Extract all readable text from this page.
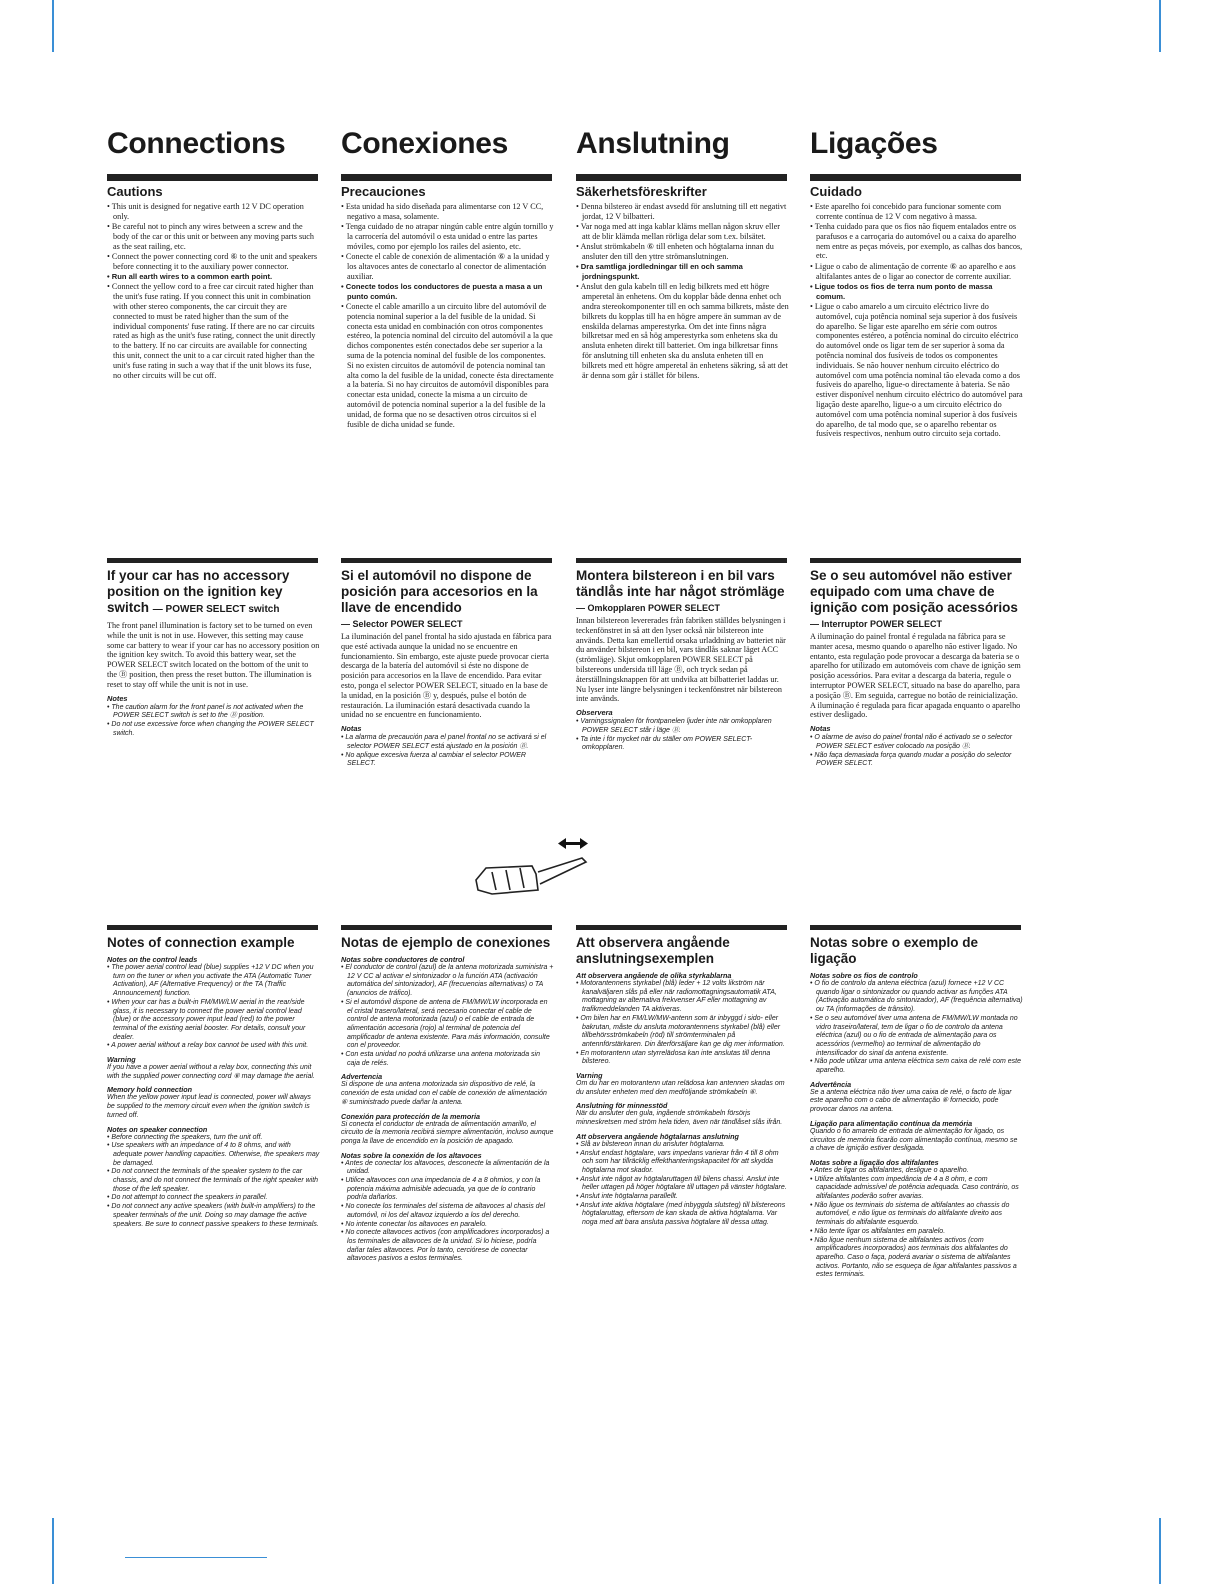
Connections
Cautions
• This unit is designed for negative earth 12 V DC operation only.
• Be careful not to pinch any wires between a screw and the body of the car or this unit or between any moving parts such as the seat railing, etc.
• Connect the power connecting cord ⑥ to the unit and speakers before connecting it to the auxiliary power connector.
• Run all earth wires to a common earth point.
• Connect the yellow cord to a free car circuit rated higher than the unit's fuse rating. If you connect this unit in combination with other stereo components, the car circuit they are connected to must be rated higher than the sum of the individual components' fuse rating. If there are no car circuits rated as high as the unit's fuse rating, connect the unit directly to the battery. If no car circuits are available for connecting this unit, connect the unit to a car circuit rated higher than the unit's fuse rating in such a way that if the unit blows its fuse, no other circuits will be cut off.
If your car has no accessory position on the ignition key switch — POWER SELECT switch

The front panel illumination is factory set to be turned on even while the unit is not in use. However, this setting may cause some car battery to wear if your car has no accessory position on the ignition key switch. To avoid this battery wear, set the POWER SELECT switch located on the bottom of the unit to the Ⓑ position, then press the reset button. The illumination is reset to stay off while the unit is not in use.

Notes
• The caution alarm for the front panel is not activated when the POWER SELECT switch is set to the Ⓑ position.
• Do not use excessive force when changing the POWER SELECT switch.
Notes of connection example
Notes on the control leads
• The power aerial control lead (blue) supplies +12 V DC when you turn on the tuner or when you activate the ATA (Automatic Tuner Activation), AF (Alternative Frequency) or the TA (Traffic Announcement) function.
• When your car has a built-in FM/MW/LW aerial in the rear/side glass, it is necessary to connect the power aerial control lead (blue) or the accessory power input lead (red) to the power terminal of the existing aerial booster. For details, consult your dealer.
• A power aerial without a relay box cannot be used with this unit.
Warning

If you have a power aerial without a relay box, connecting this unit with the supplied power connecting cord ⑥ may damage the aerial.

Memory hold connection

When the yellow power input lead is connected, power will always be supplied to the memory circuit even when the ignition switch is turned off.

Notes on speaker connection
• Before connecting the speakers, turn the unit off.
• Use speakers with an impedance of 4 to 8 ohms, and with adequate power handling capacities. Otherwise, the speakers may be damaged.
• Do not connect the terminals of the speaker system to the car chassis, and do not connect the terminals of the right speaker with those of the left speaker.
• Do not attempt to connect the speakers in parallel.
• Do not connect any active speakers (with built-in amplifiers) to the speaker terminals of the unit. Doing so may damage the active speakers. Be sure to connect passive speakers to these terminals.
Conexiones
Precauciones
• Esta unidad ha sido diseñada para alimentarse con 12 V CC, negativo a masa, solamente.
• Tenga cuidado de no atrapar ningún cable entre algún tornillo y la carrocería del automóvil o esta unidad o entre las partes móviles, como por ejemplo los railes del asiento, etc.
• Conecte el cable de conexión de alimentación ⑥ a la unidad y los altavoces antes de conectarlo al conector de alimentación auxiliar.
• Conecte todos los conductores de puesta a masa a un punto común.
• Conecte el cable amarillo a un circuito libre del automóvil de potencia nominal superior a la del fusible de la unidad. Si conecta esta unidad en combinación con otros componentes estéreo, la potencia nominal del circuito del automóvil a la que dichos componentes estén conectados debe ser superior a la suma de la potencia nominal del fusible de los componentes. Si no existen circuitos de automóvil de potencia nominal tan alta como la del fusible de la unidad, conecte ésta directamente a la batería. Si no hay circuitos de automóvil disponibles para conectar esta unidad, conecte la misma a un circuito de automóvil de potencia nominal superior a la del fusible de la unidad, de forma que no se desactiven otros circuitos si el fusible de dicha unidad se funde.
Si el automóvil no dispone de posición para accesorios en la llave de encendido
— Selector POWER SELECT

La iluminación del panel frontal ha sido ajustada en fábrica para que esté activada aunque la unidad no se encuentre en funcionamiento. Sin embargo, este ajuste puede provocar cierta descarga de la batería del automóvil si éste no dispone de posición para accesorios en la llave de encendido. Para evitar esto, ponga el selector POWER SELECT, situado en la base de la unidad, en la posición Ⓑ y, después, pulse el botón de restauración. La iluminación estará desactivada cuando la unidad no se encuentre en funcionamiento.

Notas
• La alarma de precaución para el panel frontal no se activará si el selector POWER SELECT está ajustado en la posición Ⓑ.
• No aplique excesiva fuerza al cambiar el selector POWER SELECT.
Notas de ejemplo de conexiones
Notas sobre conductores de control
• El conductor de control (azul) de la antena motorizada suministra + 12 V CC al activar el sintonizador o la función ATA (activación automática del sintonizador), AF (frecuencias alternativas) o TA (anuncios de tráfico).
• Si el automóvil dispone de antena de FM/MW/LW incorporada en el cristal trasero/lateral, será necesario conectar el cable de control de antena motorizada (azul) o el cable de entrada de alimentación accesoria (rojo) al terminal de potencia del amplificador de antena existente. Para más información, consulte con el proveedor.
• Con esta unidad no podrá utilizarse una antena motorizada sin caja de relés.
Advertencia

Si dispone de una antena motorizada sin dispositivo de relé, la conexión de esta unidad con el cable de conexión de alimentación ⑥ suministrado puede dañar la antena.

Conexión para protección de la memoria

Si conecta el conductor de entrada de alimentación amarillo, el circuito de la memoria recibirá siempre alimentación, incluso aunque ponga la llave de encendido en la posición de apagado.

Notas sobre la conexión de los altavoces
• Antes de conectar los altavoces, desconecte la alimentación de la unidad.
• Utilice altavoces con una impedancia de 4 a 8 ohmios, y con la potencia máxima admisible adecuada, ya que de lo contrario podría dañarlos.
• No conecte los terminales del sistema de altavoces al chasis del automóvil, ni los del altavoz izquierdo a los del derecho.
• No intente conectar los altavoces en paralelo.
• No conecte altavoces activos (con amplificadores incorporados) a los terminales de altavoces de la unidad. Si lo hiciese, podría dañar tales altavoces. Por lo tanto, cerciórese de conectar altavoces pasivos a estos terminales.
Anslutning
Säkerhetsföreskrifter
• Denna bilstereo är endast avsedd för anslutning till ett negativt jordat, 12 V bilbatteri.
• Var noga med att inga kablar kläms mellan någon skruv eller att de blir klämda mellan rörliga delar som t.ex. bilsätet.
• Anslut strömkabeln ⑥ till enheten och högtalarna innan du ansluter den till den yttre strömanslutningen.
• Dra samtliga jordledningar till en och samma jordningspunkt.
• Anslut den gula kabeln till en ledig bilkrets med ett högre amperetal än enhetens. Om du kopplar både denna enhet och andra stereokomponenter till en och samma bilkrets, måste den bilkrets du kopplas till ha en högre ampere än summan av de enskilda delarnas amperestyrka. Om det inte finns några bilkretsar med en så hög amperestyrka som enhetens ska du ansluta enheten direkt till batteriet. Om inga bilkretsar finns för anslutning till enheten ska du ansluta enheten till en bilkrets med ett högre amperetal än enhetens säkring, så att det är denna som går i stället för bilens.
Montera bilstereon i en bil vars tändlås inte har något strömläge
— Omkopplaren POWER SELECT

Innan bilstereon levererades från fabriken ställdes belysningen i teckenfönstret in så att den lyser också när bilstereon inte används. Detta kan emellertid orsaka urladdning av batteriet när du använder bilstereon i en bil, vars tändlås saknar läget ACC (strömläge). Skjut omkopplaren POWER SELECT på bilstereons undersida till läge Ⓑ, och tryck sedan på återställningsknappen för att undvika att bilbatteriet laddas ur. Nu lyser inte längre belysningen i teckenfönstret när bilstereon inte används.

Observera
• Varningssignalen för frontpanelen ljuder inte när omkopplaren POWER SELECT står i läge Ⓑ.
• Ta inte i för mycket när du ställer om POWER SELECT-omkopplaren.
Att observera angående anslutningsexemplen
Att observera angående de olika styrkablarna
• Motorantennens styrkabel (blå) leder + 12 volts likström när kanalväljaren slås på eller när radiomottagningsautomatik ATA, mottagning av alternativa frekvenser AF eller mottagning av trafikmeddelanden TA aktiveras.
• Om bilen har en FM/LW/MW-antenn som är inbyggd i sido- eller bakrutan, måste du ansluta motorantennens styrkabel (blå) eller tillbehörsströmkabeln (röd) till strömterminalen på antennförstärkaren. Din återförsäljare kan ge dig mer information.
• En motorantenn utan styrrelädosa kan inte anslutas till denna bilstereo.
Varning

Om du har en motorantenn utan relädosa kan antennen skadas om du ansluter enheten med den medföljande strömkabeln ⑥.

Anslutning för minnesstöd

När du ansluter den gula, ingående strömkabeln försörjs minneskretsen med ström hela tiden, även när tändlåset slås ifrån.

Att observera angående högtalarnas anslutning
• Slå av bilstereon innan du ansluter högtalarna.
• Anslut endast högtalare, vars impedans varierar från 4 till 8 ohm och som har tillräcklig effekthanteringskapacitet för att skydda högtalarna mot skador.
• Anslut inte något av högtalaruttagen till bilens chassi. Anslut inte heller uttagen på höger högtalare till uttagen på vänster högtalare.
• Anslut inte högtalarna parallellt.
• Anslut inte aktiva högtalare (med inbyggda slutsteg) till bilstereons högtalaruttag, eftersom de kan skada de aktiva högtalarna. Var noga med att bara ansluta passiva högtalare till dessa uttag.
Ligações
Cuidado
• Este aparelho foi concebido para funcionar somente com corrente contínua de 12 V com negativo à massa.
• Tenha cuidado para que os fios não fiquem entalados entre os parafusos e a carroçaria do automóvel ou a caixa do aparelho nem entre as peças móveis, por exemplo, as calhas dos bancos, etc.
• Ligue o cabo de alimentação de corrente ⑥ ao aparelho e aos altifalantes antes de o ligar ao conector de corrente auxiliar.
• Ligue todos os fios de terra num ponto de massa comum.
• Ligue o cabo amarelo a um circuito eléctrico livre do automóvel, cuja potência nominal seja superior à dos fusíveis do aparelho. Se ligar este aparelho em série com outros componentes estéreo, a potência nominal do circuito eléctrico do automóvel onde os ligar tem de ser superior à soma da potência nominal dos fusíveis de todos os componentes individuais. Se não houver nenhum circuito eléctrico do automóvel com uma potência nominal tão elevada como a dos fusíveis do aparelho, ligue-o directamente à bateria. Se não estiver disponível nenhum circuito eléctrico do automóvel para ligação deste aparelho, ligue-o a um circuito eléctrico do automóvel com uma potência nominal superior à dos fusíveis do aparelho, de tal modo que, se o aparelho rebentar os fusíveis respectivos, nenhum outro circuito seja cortado.
Se o seu automóvel não estiver equipado com uma chave de ignição com posição acessórios
— Interruptor POWER SELECT

A iluminação do painel frontal é regulada na fábrica para se manter acesa, mesmo quando o aparelho não estiver ligado. No entanto, esta regulação pode provocar a descarga da bateria se o aparelho for utilizado em automóveis com chave de ignição sem posição acessórios. Para evitar a descarga da bateria, regule o interruptor POWER SELECT, situado na base do aparelho, para a posição Ⓑ. Em seguida, carregue no botão de reinicialização. A iluminação é regulada para ficar apagada enquanto o aparelho estiver desligado.

Notas
• O alarme de aviso do painel frontal não é activado se o selector POWER SELECT estiver colocado na posição Ⓑ.
• Não faça demasiada força quando mudar a posição do selector POWER SELECT.
Notas sobre o exemplo de ligação
Notas sobre os fios de controlo
• O fio de controlo da antena eléctrica (azul) fornece +12 V CC quando ligar o sintonizador ou quando activar as funções ATA (Activação automática do sintonizador), AF (frequência alternativa) ou TA (informações de trânsito).
• Se o seu automóvel tiver uma antena de FM/MW/LW montada no vidro traseiro/lateral, tem de ligar o fio de controlo da antena eléctrica (azul) ou o fio de entrada de alimentação para os acessórios (vermelho) ao terminal de alimentação do intensificador do sinal da antena existente.
• Não pode utilizar uma antena eléctrica sem caixa de relé com este aparelho.
Advertência

Se a antena eléctrica não tiver uma caixa de relé, o facto de ligar este aparelho com o cabo de alimentação ⑥ fornecido, pode provocar danos na antena.

Ligação para alimentação contínua da memória

Quando o fio amarelo de entrada de alimentação for ligado, os circuitos de memória ficarão com alimentação contínua, mesmo se a chave de ignição estiver desligada.

Notas sobre a ligação dos altifalantes
• Antes de ligar os altifalantes, desligue o aparelho.
• Utilize altifalantes com impedância de 4 a 8 ohm, e com capacidade admissível de potência adequada. Caso contrário, os altifalantes poderão sofrer avarias.
• Não ligue os terminais do sistema de altifalantes ao chassis do automóvel, e não ligue os terminais do altifalante direito aos terminais do altifalante esquerdo.
• Não tente ligar os altifalantes em paralelo.
• Não ligue nenhum sistema de altifalantes activos (com amplificadores incorporados) aos terminais dos altifalantes do aparelho. Caso o faça, poderá avariar o sistema de altifalantes activos. Portanto, não se esqueça de ligar altifalantes passivos a estes terminais.
